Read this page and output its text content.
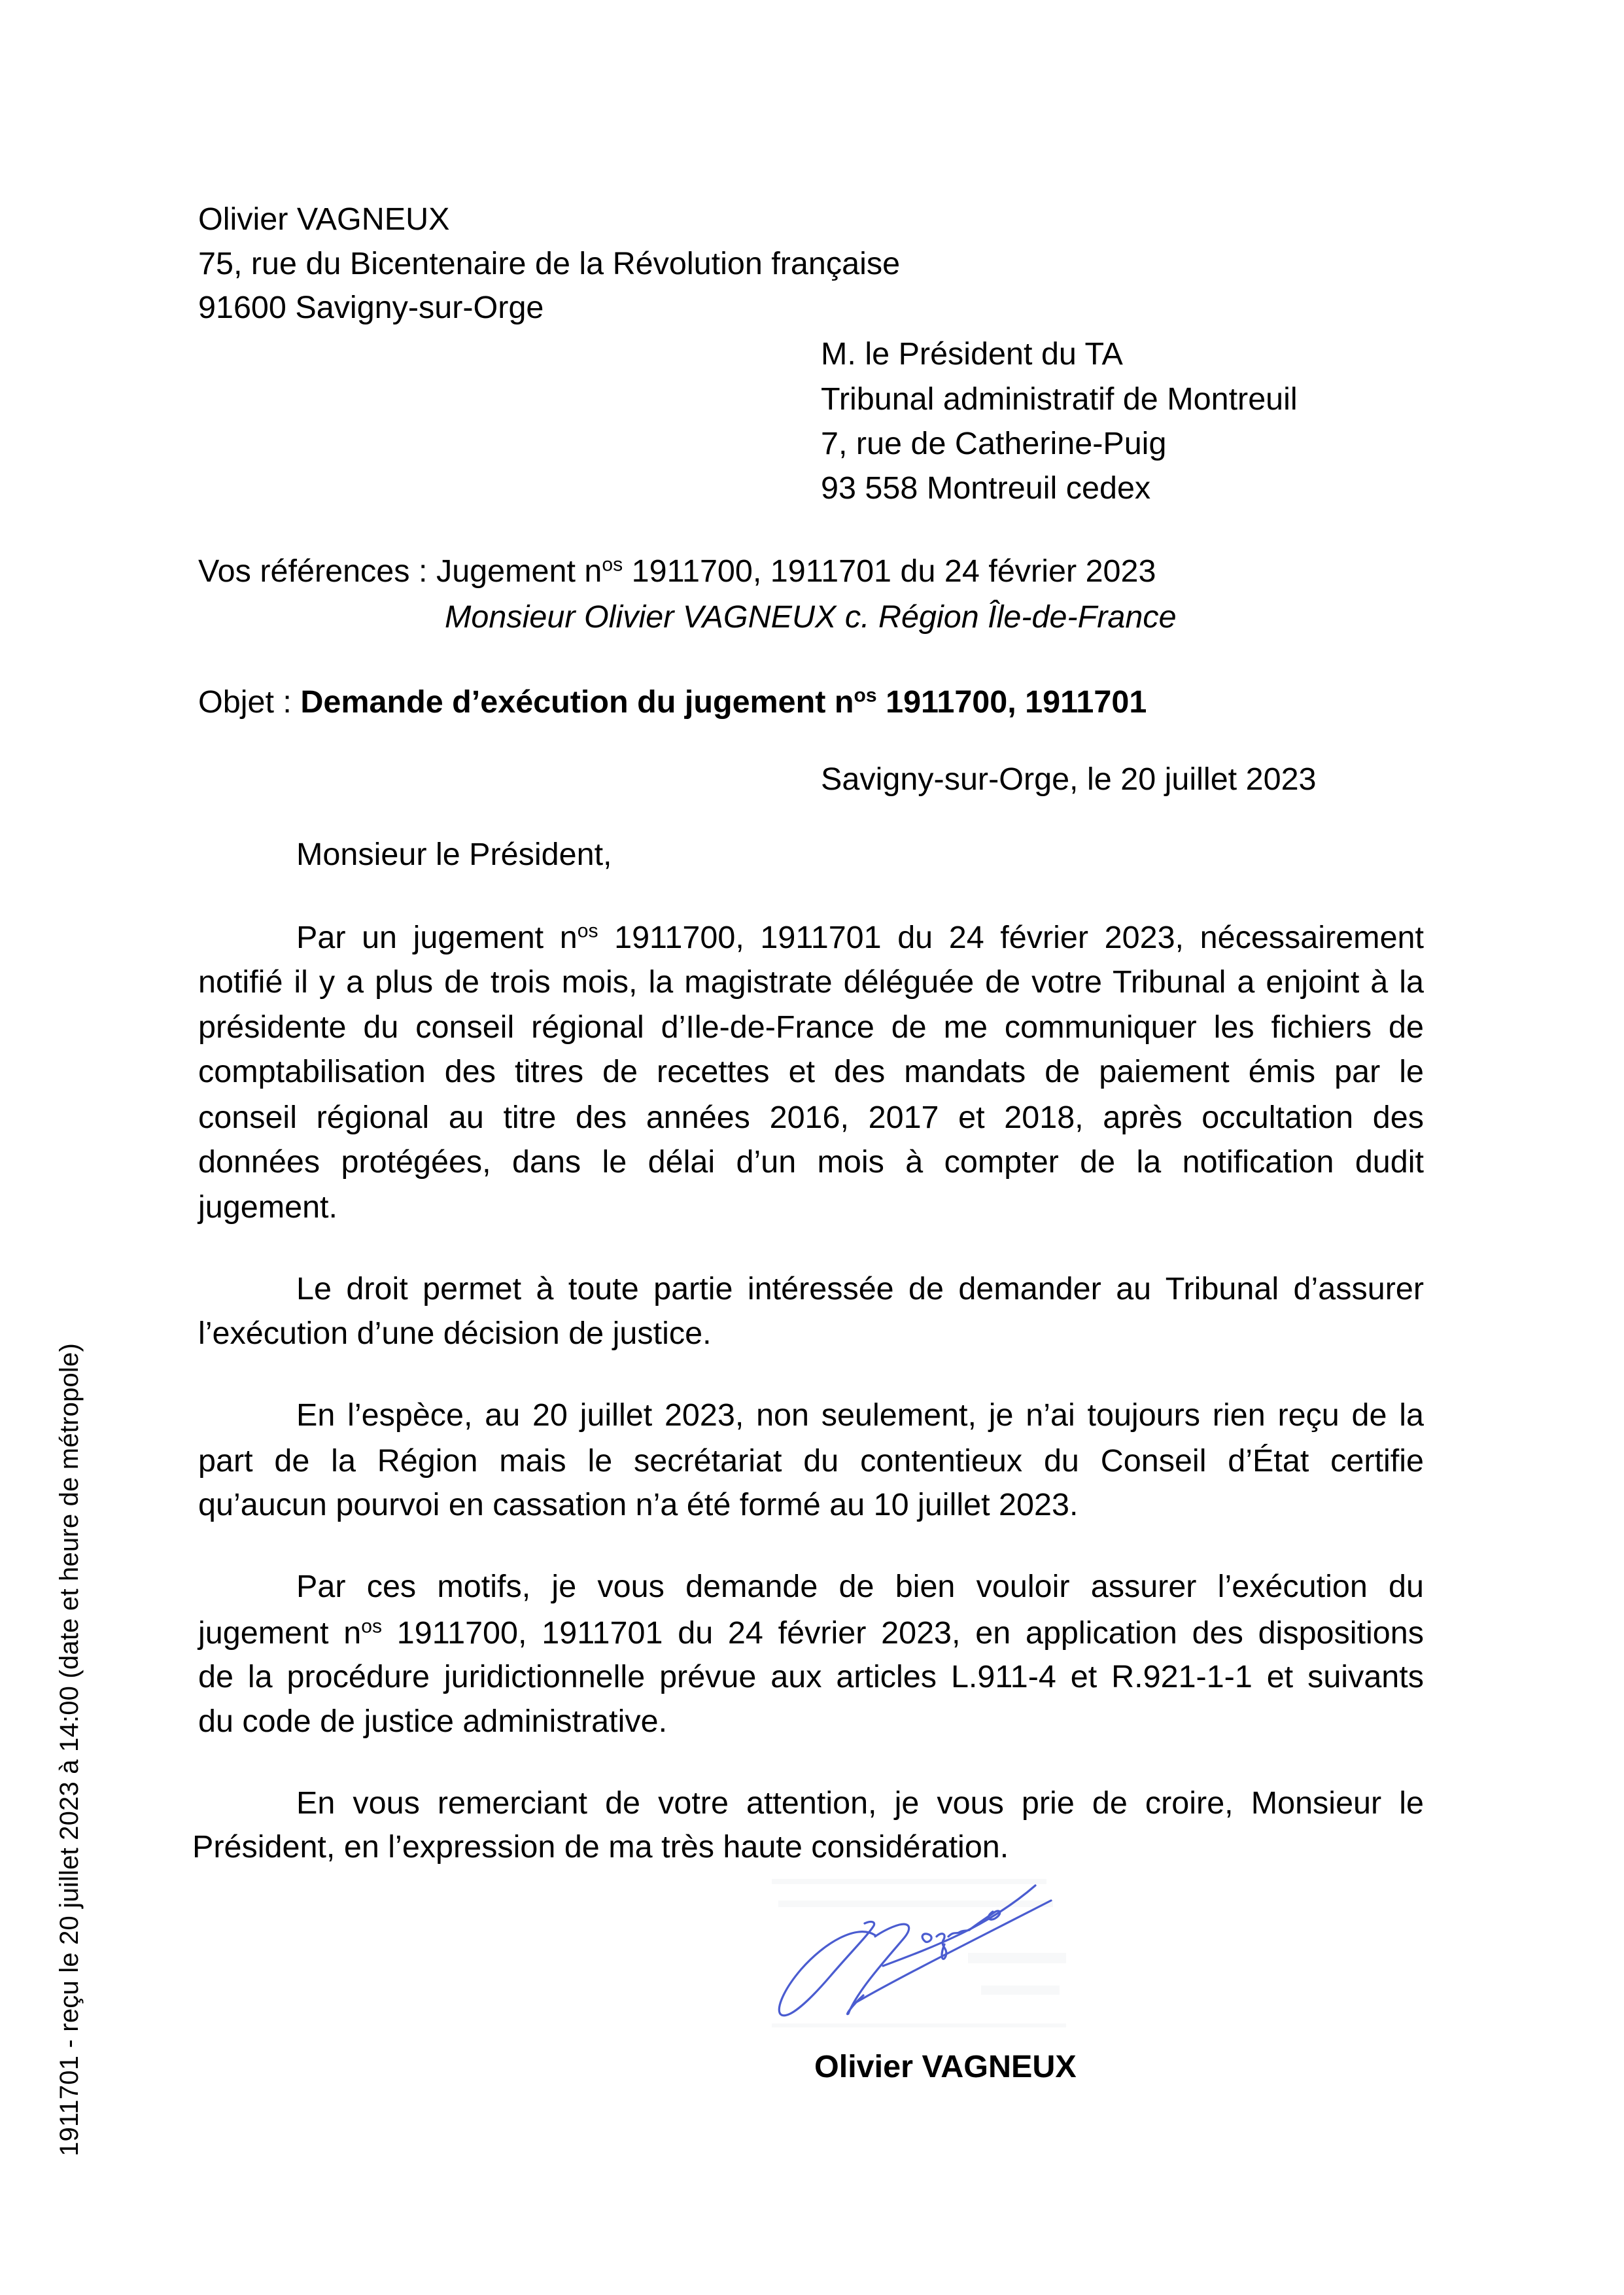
Olivier VAGNEUX
75, rue du Bicentenaire de la Révolution française
91600 Savigny-sur-Orge
M. le Président du TA
Tribunal administratif de Montreuil
7, rue de Catherine-Puig
93 558 Montreuil cedex
Vos références : Jugement $n^{os}$ 1911700, 1911701 du 24 février 2023
Monsieur Olivier VAGNEUX c. Région Île-de-France
Objet : Demande d’exécution du jugement $n^{os}$ 1911700, 1911701
Savigny-sur-Orge, le 20 juillet 2023
Monsieur le Président,
Par un jugement $n^{os}$ 1911700, 1911701 du 24 février 2023, nécessairement
notifié il y a plus de trois mois, la magistrate déléguée de votre Tribunal a enjoint à la
présidente du conseil régional d’Ile-de-France de me communiquer les fichiers de
comptabilisation des titres de recettes et des mandats de paiement émis par le
conseil régional au titre des années 2016, 2017 et 2018, après occultation des
données protégées, dans le délai d’un mois à compter de la notification dudit
jugement.
Le droit permet à toute partie intéressée de demander au Tribunal d’assurer
l’exécution d’une décision de justice.
En l’espèce, au 20 juillet 2023, non seulement, je n’ai toujours rien reçu de la
part de la Région mais le secrétariat du contentieux du Conseil d’État certifie
qu’aucun pourvoi en cassation n’a été formé au 10 juillet 2023.
Par ces motifs, je vous demande de bien vouloir assurer l’exécution du
jugement $n^{os}$ 1911700, 1911701 du 24 février 2023, en application des dispositions
de la procédure juridictionnelle prévue aux articles L.911-4 et R.921-1-1 et suivants
du code de justice administrative.
En vous remerciant de votre attention, je vous prie de croire, Monsieur le
Président, en l’expression de ma très haute considération.
Olivier VAGNEUX
1911701 - reçu le 20 juillet 2023 à 14:00 (date et heure de métropole)
